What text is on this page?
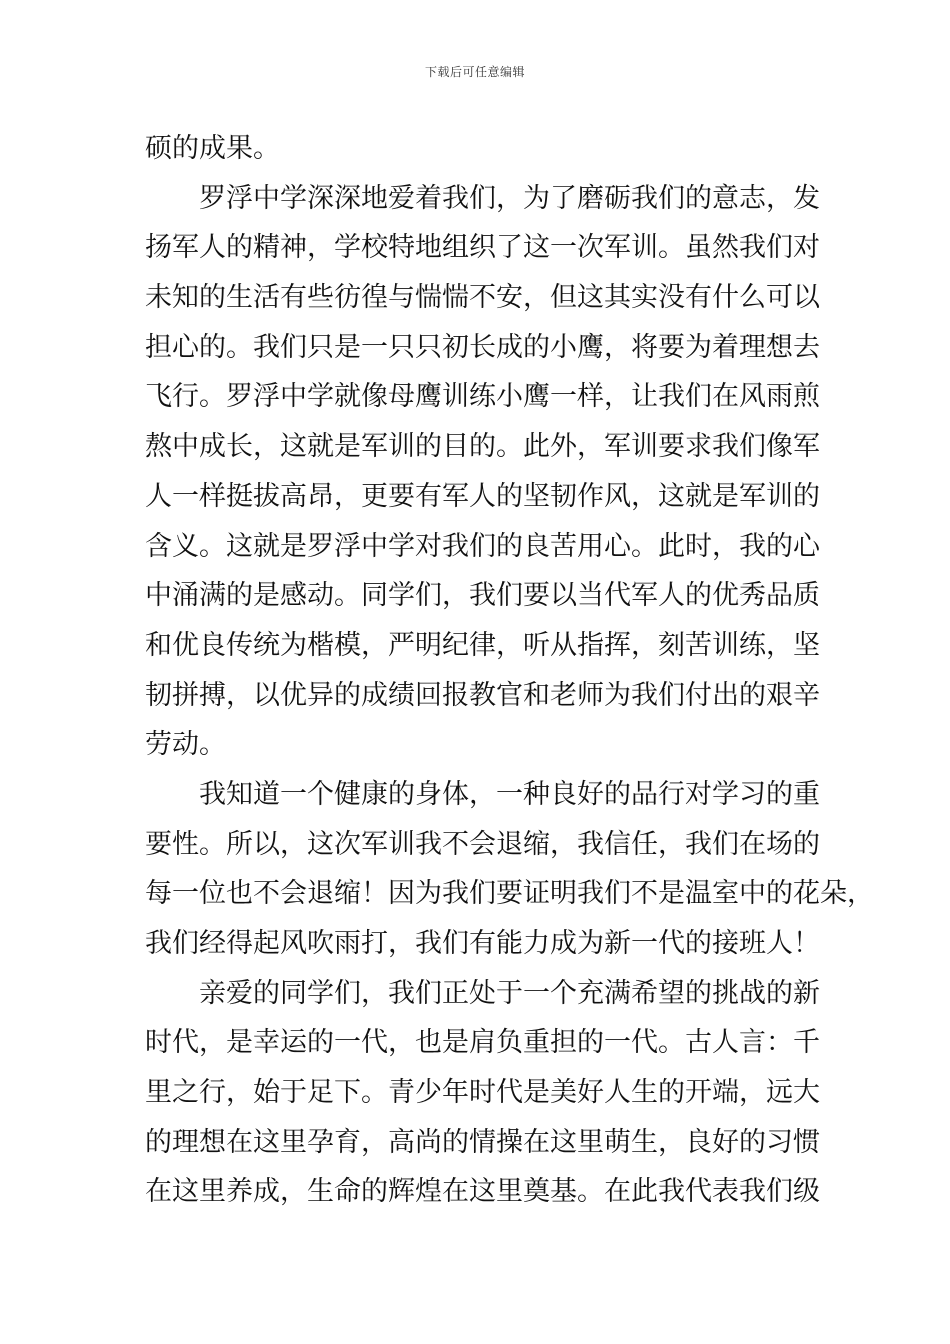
下载后可任意编辑
硕的成果。
罗浮中学深深地爱着我们，为了磨砺我们的意志，发
扬军人的精神，学校特地组织了这一次军训。虽然我们对
未知的生活有些彷徨与惴惴不安，但这其实没有什么可以
担心的。我们只是一只只初长成的小鹰，将要为着理想去
飞行。罗浮中学就像母鹰训练小鹰一样，让我们在风雨煎
熬中成长，这就是军训的目的。此外，军训要求我们像军
人一样挺拔高昂，更要有军人的坚韧作风，这就是军训的
含义。这就是罗浮中学对我们的良苦用心。此时，我的心
中涌满的是感动。同学们，我们要以当代军人的优秀品质
和优良传统为楷模，严明纪律，听从指挥，刻苦训练，坚
韧拼搏，以优异的成绩回报教官和老师为我们付出的艰辛
劳动。
我知道一个健康的身体，一种良好的品行对学习的重
要性。所以，这次军训我不会退缩，我信任，我们在场的
每一位也不会退缩！因为我们要证明我们不是温室中的花朵，
我们经得起风吹雨打，我们有能力成为新一代的接班人！
亲爱的同学们，我们正处于一个充满希望的挑战的新
时代，是幸运的一代，也是肩负重担的一代。古人言：千
里之行，始于足下。青少年时代是美好人生的开端，远大
的理想在这里孕育，高尚的情操在这里萌生，良好的习惯
在这里养成，生命的辉煌在这里奠基。在此我代表我们级
